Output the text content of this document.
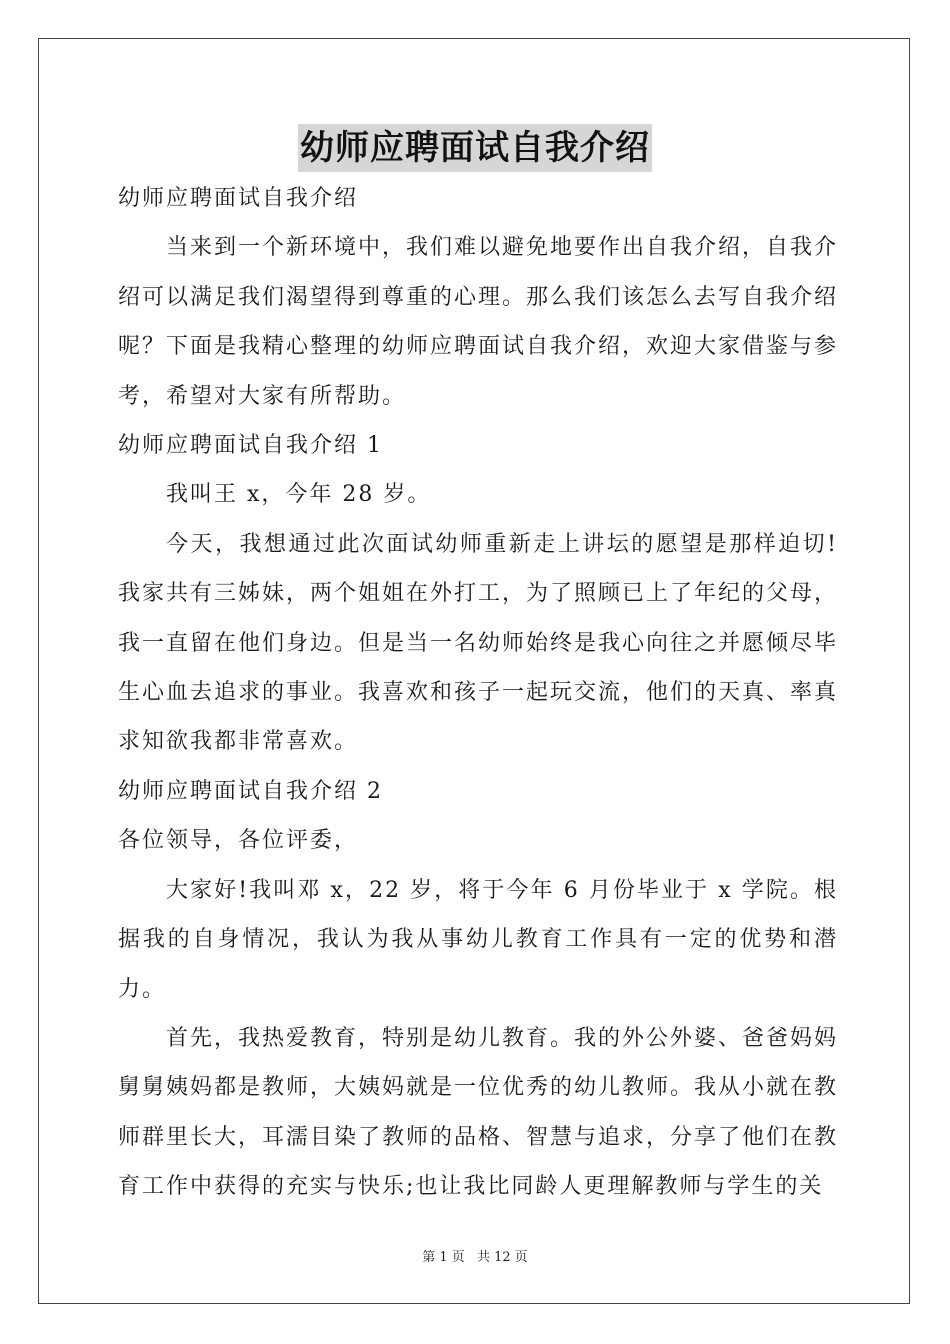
幼师应聘面试自我介绍

幼师应聘面试自我介绍

当来到一个新环境中，我们难以避免地要作出自我介绍，自我介绍可以满足我们渴望得到尊重的心理。那么我们该怎么去写自我介绍呢？下面是我精心整理的幼师应聘面试自我介绍，欢迎大家借鉴与参考，希望对大家有所帮助。

幼师应聘面试自我介绍 1

我叫王 x，今年 28 岁。

今天，我想通过此次面试幼师重新走上讲坛的愿望是那样迫切!我家共有三姊妹，两个姐姐在外打工，为了照顾已上了年纪的父母，我一直留在他们身边。但是当一名幼师始终是我心向往之并愿倾尽毕生心血去追求的事业。我喜欢和孩子一起玩交流，他们的天真、率真求知欲我都非常喜欢。

幼师应聘面试自我介绍 2

各位领导，各位评委，

大家好!我叫邓 x，22 岁，将于今年 6 月份毕业于 x 学院。根据我的自身情况，我认为我从事幼儿教育工作具有一定的优势和潜力。

首先，我热爱教育，特别是幼儿教育。我的外公外婆、爸爸妈妈舅舅姨妈都是教师，大姨妈就是一位优秀的幼儿教师。我从小就在教师群里长大，耳濡目染了教师的品格、智慧与追求，分享了他们在教育工作中获得的充实与快乐;也让我比同龄人更理解教师与学生的关

第 1 页 共 12 页
